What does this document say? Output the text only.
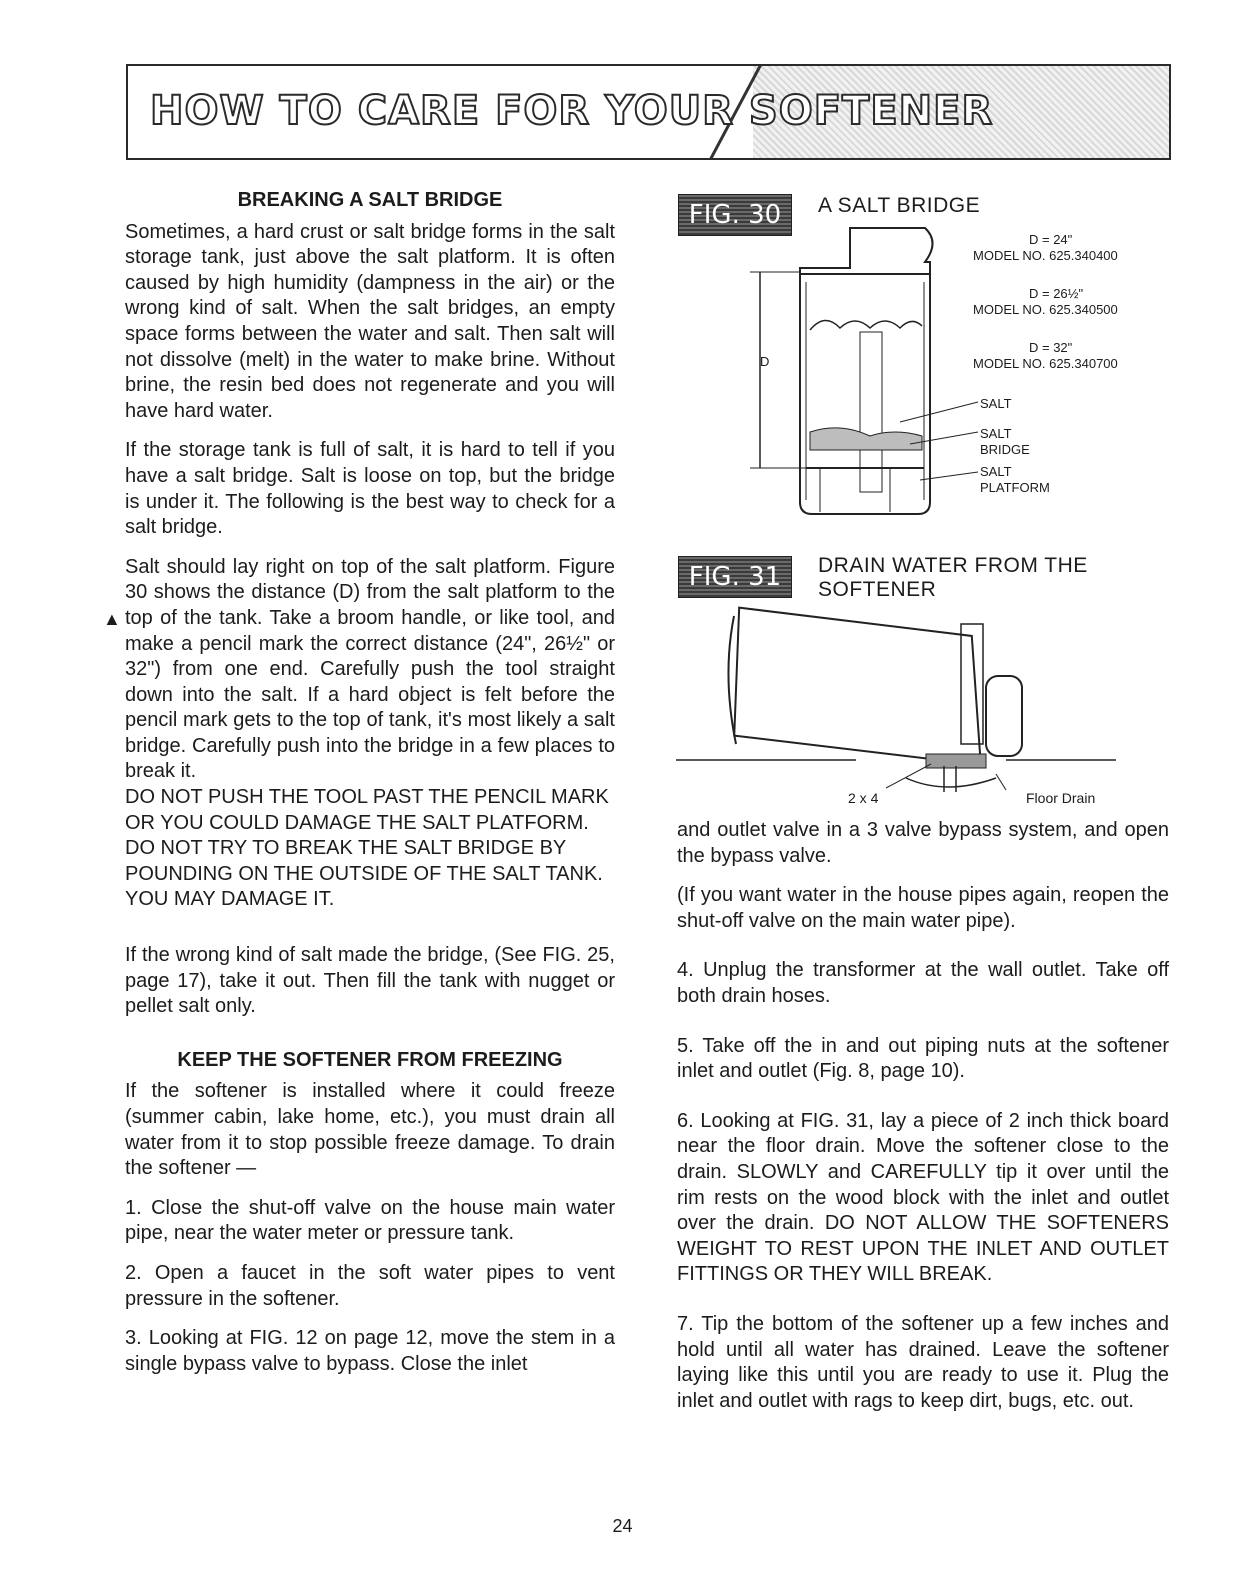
HOW TO CARE FOR YOUR SOFTENER
BREAKING A SALT BRIDGE

Sometimes, a hard crust or salt bridge forms in the salt storage tank, just above the salt platform. It is often caused by high humidity (dampness in the air) or the wrong kind of salt. When the salt bridges, an empty space forms between the water and salt. Then salt will not dissolve (melt) in the water to make brine. Without brine, the resin bed does not regenerate and you will have hard water.

If the storage tank is full of salt, it is hard to tell if you have a salt bridge. Salt is loose on top, but the bridge is under it. The following is the best way to check for a salt bridge.

▲

Salt should lay right on top of the salt platform. Figure 30 shows the distance (D) from the salt platform to the top of the tank. Take a broom handle, or like tool, and make a pencil mark the correct distance (24", 26½" or 32") from one end. Carefully push the tool straight down into the salt. If a hard object is felt before the pencil mark gets to the top of tank, it's most likely a salt bridge. Carefully push into the bridge in a few places to break it.

DO NOT PUSH THE TOOL PAST THE PENCIL MARK OR YOU COULD DAMAGE THE SALT PLATFORM. DO NOT TRY TO BREAK THE SALT BRIDGE BY POUNDING ON THE OUTSIDE OF THE SALT TANK. YOU MAY DAMAGE IT.

If the wrong kind of salt made the bridge, (See FIG. 25, page 17), take it out. Then fill the tank with nugget or pellet salt only.

KEEP THE SOFTENER FROM FREEZING

If the softener is installed where it could freeze (summer cabin, lake home, etc.), you must drain all water from it to stop possible freeze damage. To drain the softener —

1. Close the shut-off valve on the house main water pipe, near the water meter or pressure tank.

2. Open a faucet in the soft water pipes to vent pressure in the softener.

3. Looking at FIG. 12 on page 12, move the stem in a single bypass valve to bypass. Close the inlet

FIG. 30	A SALT BRIDGE
D
D = 24"
MODEL NO. 625.340400
D = 26½"
MODEL NO. 625.340500
D = 32"
MODEL NO. 625.340700
SALT
SALT
BRIDGE
SALT
PLATFORM
FIG. 31	DRAIN WATER FROM THE
SOFTENER
2 x 4	Floor Drain

and outlet valve in a 3 valve bypass system, and open the bypass valve.

(If you want water in the house pipes again, reopen the shut-off valve on the main water pipe).

4. Unplug the transformer at the wall outlet. Take off both drain hoses.

5. Take off the in and out piping nuts at the softener inlet and outlet (Fig. 8, page 10).

6. Looking at FIG. 31, lay a piece of 2 inch thick board near the floor drain. Move the softener close to the drain. SLOWLY and CAREFULLY tip it over until the rim rests on the wood block with the inlet and outlet over the drain. DO NOT ALLOW THE SOFTENERS WEIGHT TO REST UPON THE INLET AND OUTLET FITTINGS OR THEY WILL BREAK.

7. Tip the bottom of the softener up a few inches and hold until all water has drained. Leave the softener laying like this until you are ready to use it. Plug the inlet and outlet with rags to keep dirt, bugs, etc. out.

24
